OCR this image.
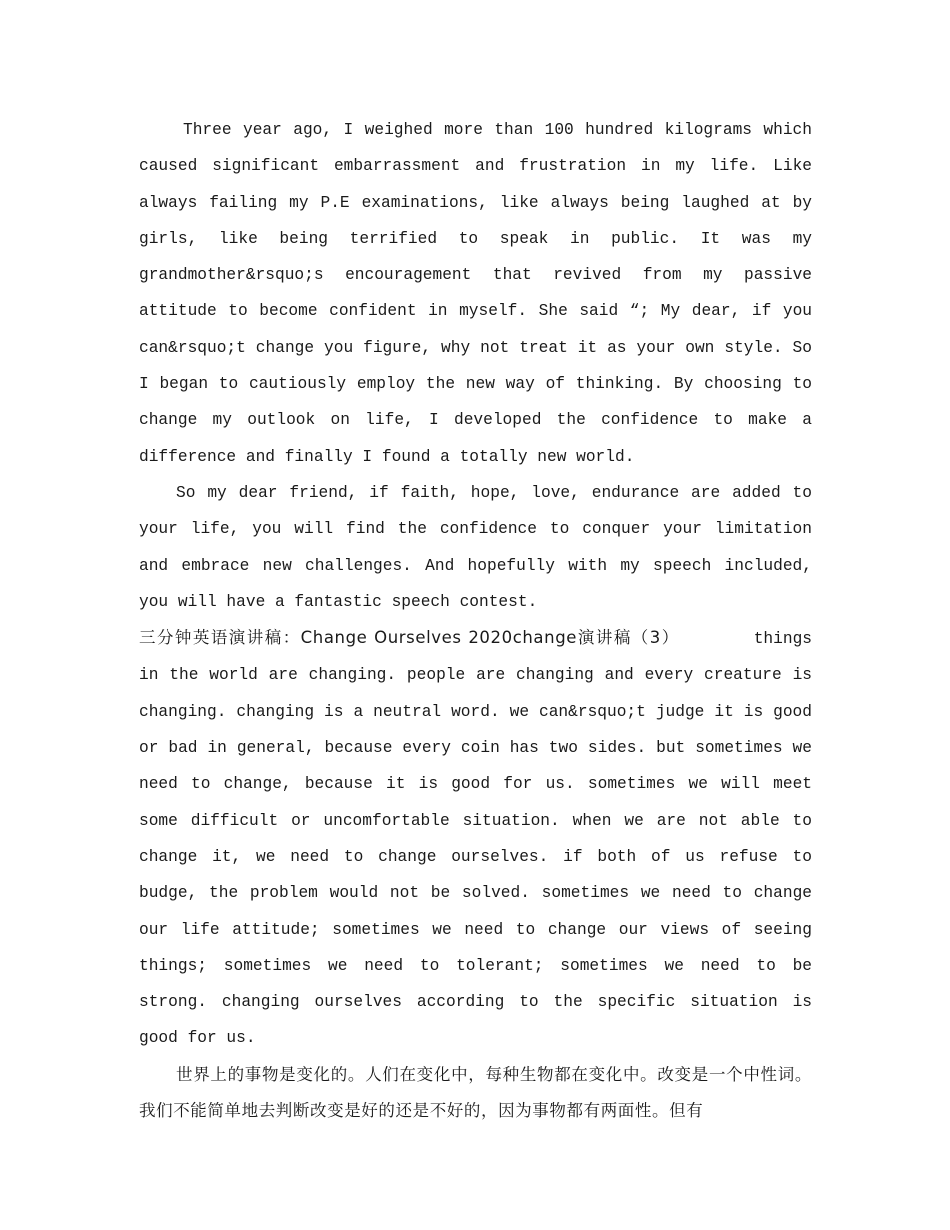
Three year ago, I weighed more than 100 hundred kilograms which caused significant embarrassment and frustration in my life. Like always failing my P.E examinations, like always being laughed at by girls, like being terrified to speak in public. It was my grandmother&rsquo;s encouragement that revived from my passive attitude to become confident in myself. She said “; My dear, if you can&rsquo;t change you figure, why not treat it as your own style. So I began to cautiously employ the new way of thinking. By choosing to change my outlook on life, I developed the confidence to make a difference and finally I found a totally new world.

So my dear friend, if faith, hope, love, endurance are added to your life, you will find the confidence to conquer your limitation and embrace new challenges. And hopefully with my speech included, you will have a fantastic speech contest.

三分钟英语演讲稿：Change Ourselves 2020change演讲稿（3）	things in the world are changing. people are changing and every creature is changing. changing is a neutral word. we can&rsquo;t judge it is good or bad in general, because every coin has two sides. but sometimes we need to change, because it is good for us. sometimes we will meet some difficult or uncomfortable situation. when we are not able to change it, we need to change ourselves. if both of us refuse to budge, the problem would not be solved. sometimes we need to change our life attitude; sometimes we need to change our views of seeing things; sometimes we need to tolerant; sometimes we need to be strong. changing ourselves according to the specific situation is good for us.

世界上的事物是变化的。人们在变化中，每种生物都在变化中。改变是一个中性词。我们不能简单地去判断改变是好的还是不好的，因为事物都有两面性。但有
